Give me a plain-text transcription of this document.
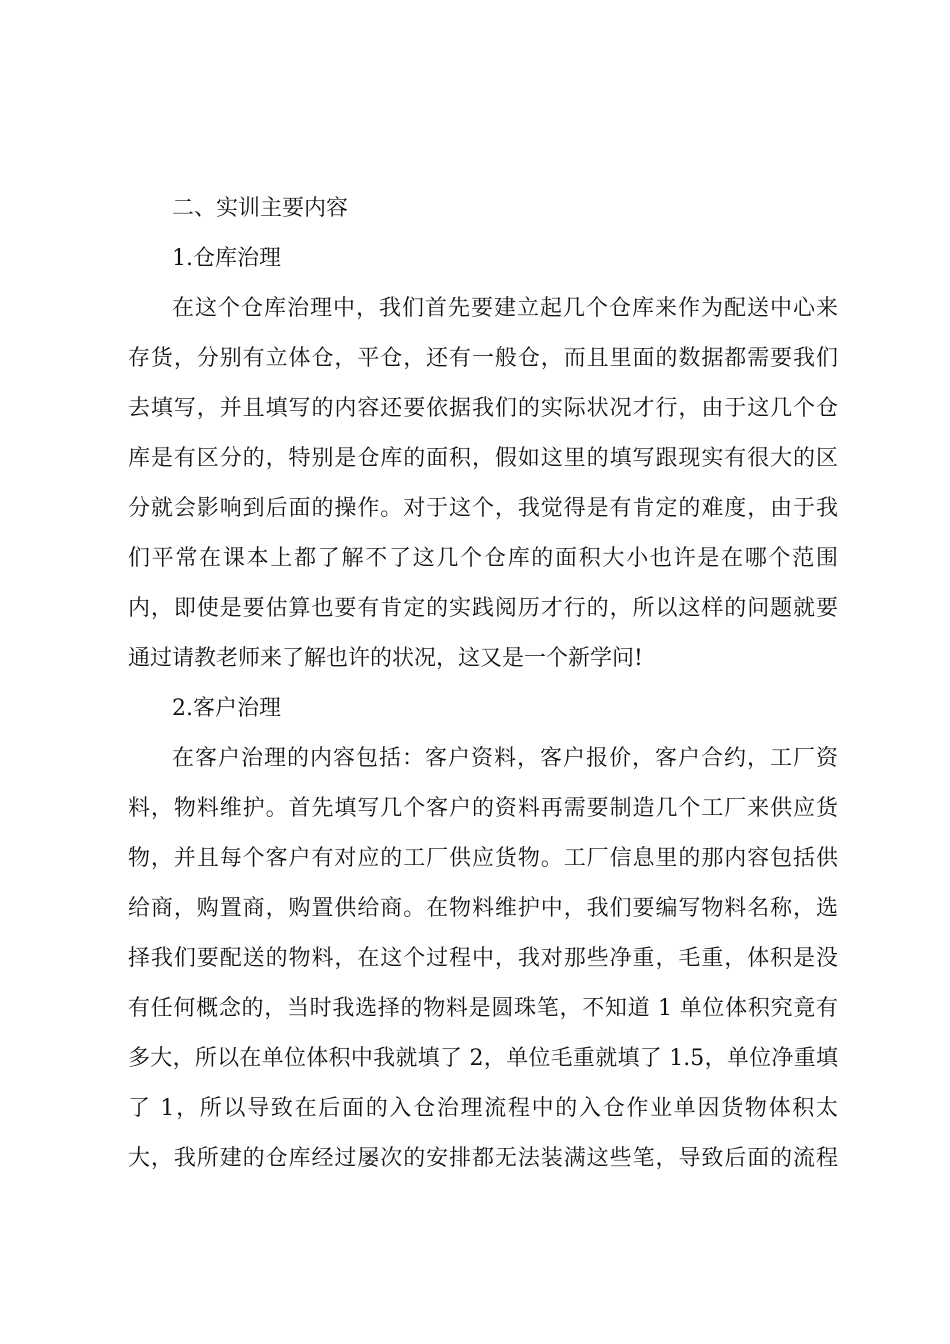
二、实训主要内容
1.仓库治理
在这个仓库治理中，我们首先要建立起几个仓库来作为配送中心来
存货，分别有立体仓，平仓，还有一般仓，而且里面的数据都需要我们
去填写，并且填写的内容还要依据我们的实际状况才行，由于这几个仓
库是有区分的，特别是仓库的面积，假如这里的填写跟现实有很大的区
分就会影响到后面的操作。对于这个，我觉得是有肯定的难度，由于我
们平常在课本上都了解不了这几个仓库的面积大小也许是在哪个范围
内，即使是要估算也要有肯定的实践阅历才行的，所以这样的问题就要
通过请教老师来了解也许的状况，这又是一个新学问!
2.客户治理
在客户治理的内容包括：客户资料，客户报价，客户合约，工厂资
料，物料维护。首先填写几个客户的资料再需要制造几个工厂来供应货
物，并且每个客户有对应的工厂供应货物。工厂信息里的那内容包括供
给商，购置商，购置供给商。在物料维护中，我们要编写物料名称，选
择我们要配送的物料，在这个过程中，我对那些净重，毛重，体积是没
有任何概念的，当时我选择的物料是圆珠笔，不知道 1 单位体积究竟有
多大，所以在单位体积中我就填了 2，单位毛重就填了 1.5，单位净重填
了 1，所以导致在后面的入仓治理流程中的入仓作业单因货物体积太
大，我所建的仓库经过屡次的安排都无法装满这些笔，导致后面的流程
